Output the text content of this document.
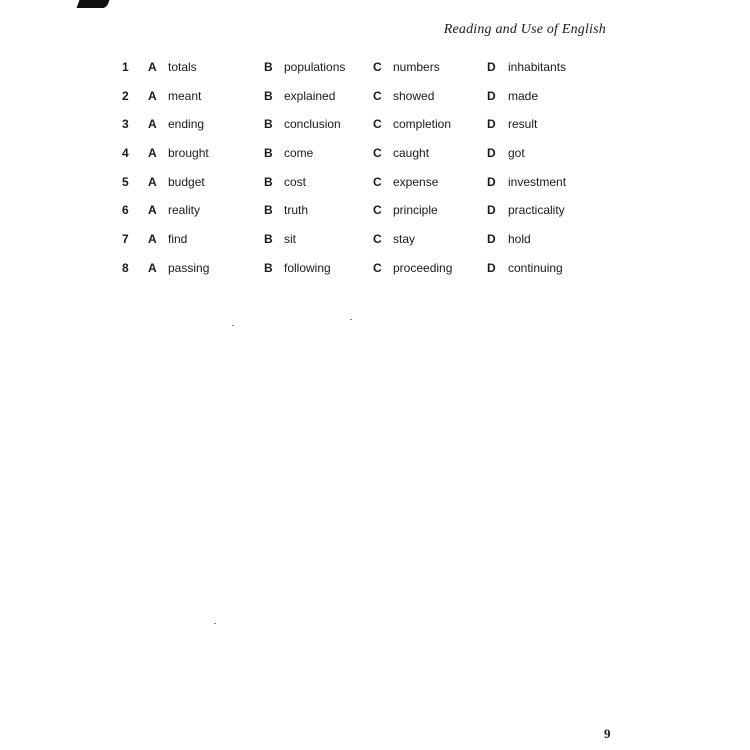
Reading and Use of English
1 A totals	B populations C numbers	D inhabitants
2 A meant	B explained	C showed	D made
3 A ending	B conclusion	C completion	D result
4 A brought	B come	C caught	D got
5 A budget	B cost	C expense	D investment
6 A reality	B truth	C principle	D practicality
7 A find	B sit	C stay	D hold
8 A passing	B following	C proceeding	D continuing
9
